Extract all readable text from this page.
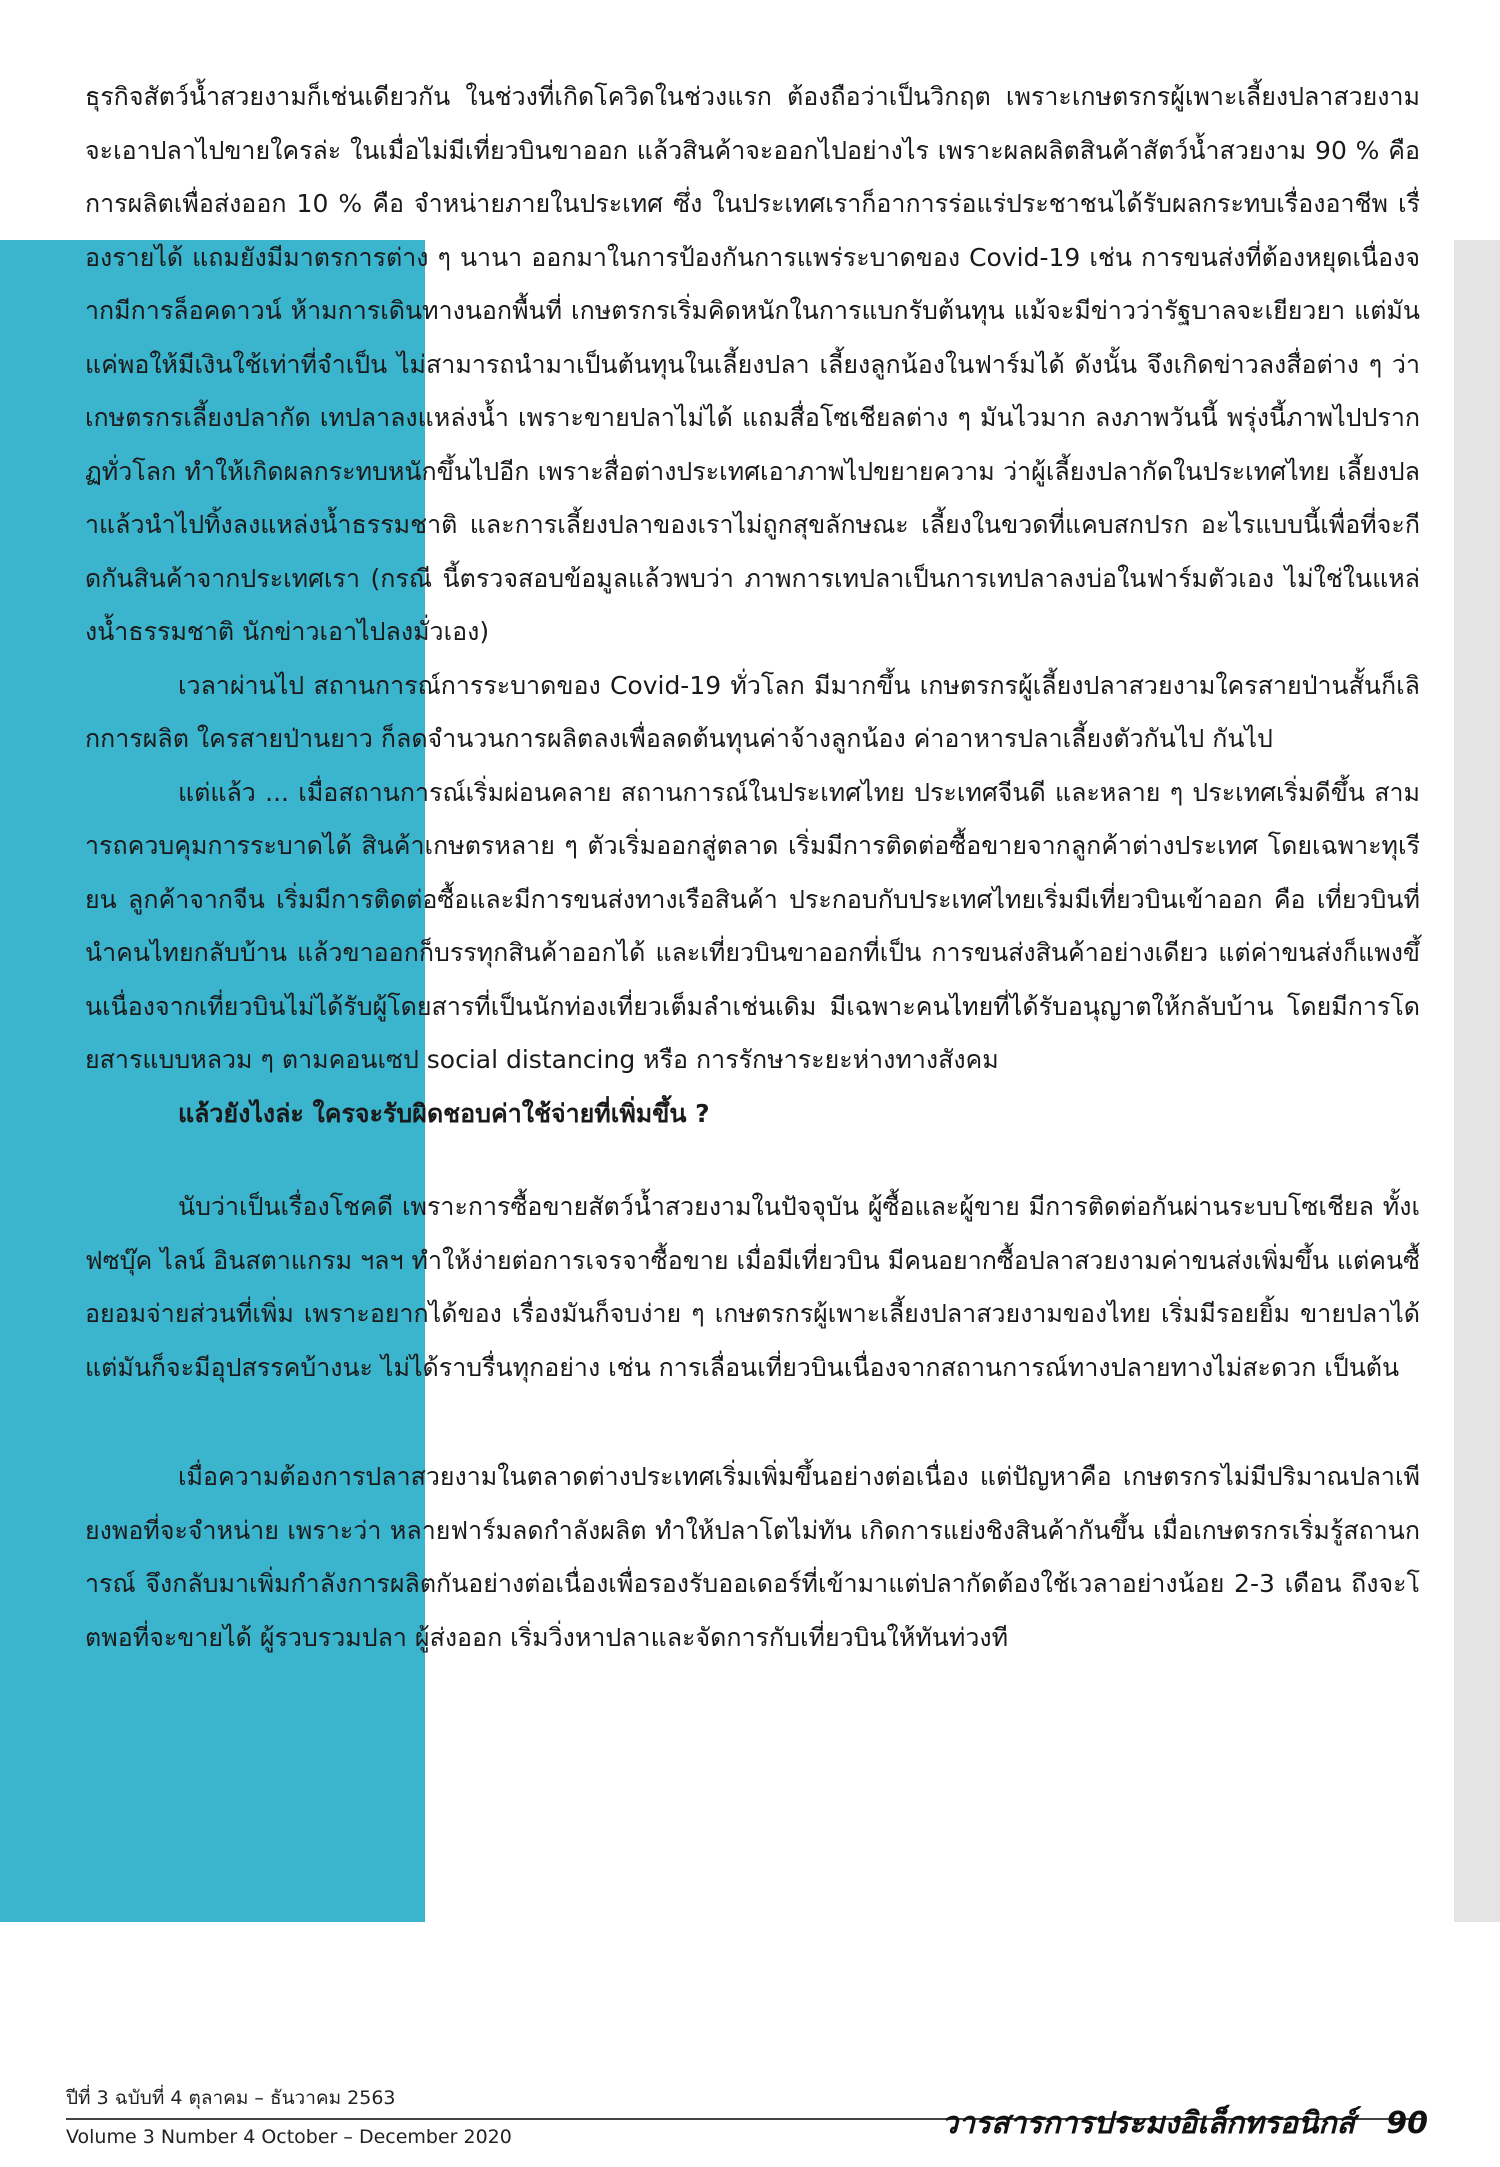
ธุรกิจสัตว์น้ำสวยงามก็เช่นเดียวกัน ในช่วงที่เกิดโควิดในช่วงแรก ต้องถือว่าเป็นวิกฤต เพราะเกษตรกรผู้เพาะเลี้ยงปลาสวยงาม จะเอาปลาไปขายใครล่ะ ในเมื่อไม่มีเที่ยวบินขาออก แล้วสินค้าจะออกไปอย่างไร เพราะผลผลิตสินค้าสัตว์น้ำสวยงาม 90 % คือการผลิตเพื่อส่งออก 10 % คือ จำหน่ายภายในประเทศ ซึ่ง ในประเทศเราก็อาการร่อแร่ประชาชนได้รับผลกระทบเรื่องอาชีพ เรื่องรายได้ แถมยังมีมาตรการต่าง ๆ นานา ออกมาในการป้องกันการแพร่ระบาดของ Covid-19 เช่น การขนส่งที่ต้องหยุดเนื่องจากมีการล็อคดาวน์ ห้ามการเดินทางนอกพื้นที่ เกษตรกรเริ่มคิดหนักในการแบกรับต้นทุน แม้จะมีข่าวว่ารัฐบาลจะเยียวยา แต่มันแค่พอให้มีเงินใช้เท่าที่จำเป็น ไม่สามารถนำมาเป็นต้นทุนในเลี้ยงปลา เลี้ยงลูกน้องในฟาร์มได้ ดังนั้น จึงเกิดข่าวลงสื่อต่าง ๆ ว่า เกษตรกรเลี้ยงปลากัด เทปลาลงแหล่งน้ำ เพราะขายปลาไม่ได้ แถมสื่อโซเชียลต่าง ๆ มันไวมาก ลงภาพวันนี้ พรุ่งนี้ภาพไปปรากฏทั่วโลก ทำให้เกิดผลกระทบหนักขึ้นไปอีก เพราะสื่อต่างประเทศเอาภาพไปขยายความ ว่าผู้เลี้ยงปลากัดในประเทศไทย เลี้ยงปลาแล้วนำไปทิ้งลงแหล่งน้ำธรรมชาติ และการเลี้ยงปลาของเราไม่ถูกสุขลักษณะ เลี้ยงในขวดที่แคบสกปรก อะไรแบบนี้เพื่อที่จะกีดกันสินค้าจากประเทศเรา (กรณี นี้ตรวจสอบข้อมูลแล้วพบว่า ภาพการเทปลาเป็นการเทปลาลงบ่อในฟาร์มตัวเอง ไม่ใช่ในแหล่งน้ำธรรมชาติ นักข่าวเอาไปลงมั่วเอง)

เวลาผ่านไป สถานการณ์การระบาดของ Covid-19 ทั่วโลก มีมากขึ้น เกษตรกรผู้เลี้ยงปลาสวยงามใครสายป่านสั้นก็เลิกการผลิต ใครสายป่านยาว ก็ลดจำนวนการผลิตลงเพื่อลดต้นทุนค่าจ้างลูกน้อง ค่าอาหารปลาเลี้ยงตัวกันไป กันไป

แต่แล้ว ... เมื่อสถานการณ์เริ่มผ่อนคลาย สถานการณ์ในประเทศไทย ประเทศจีนดี และหลาย ๆ ประเทศเริ่มดีขึ้น สามารถควบคุมการระบาดได้ สินค้าเกษตรหลาย ๆ ตัวเริ่มออกสู่ตลาด เริ่มมีการติดต่อซื้อขายจากลูกค้าต่างประเทศ โดยเฉพาะทุเรียน ลูกค้าจากจีน เริ่มมีการติดต่อซื้อและมีการขนส่งทางเรือสินค้า ประกอบกับประเทศไทยเริ่มมีเที่ยวบินเข้าออก คือ เที่ยวบินที่นำคนไทยกลับบ้าน แล้วขาออกก็บรรทุกสินค้าออกได้ และเที่ยวบินขาออกที่เป็น การขนส่งสินค้าอย่างเดียว แต่ค่าขนส่งก็แพงขึ้นเนื่องจากเที่ยวบินไม่ได้รับผู้โดยสารที่เป็นนักท่องเที่ยวเต็มลำเช่นเดิม มีเฉพาะคนไทยที่ได้รับอนุญาตให้กลับบ้าน โดยมีการโดยสารแบบหลวม ๆ ตามคอนเซป social distancing หรือ การรักษาระยะห่างทางสังคม

แล้วยังไงล่ะ ใครจะรับผิดชอบค่าใช้จ่ายที่เพิ่มขึ้น ?

นับว่าเป็นเรื่องโชคดี เพราะการซื้อขายสัตว์น้ำสวยงามในปัจจุบัน ผู้ซื้อและผู้ขาย มีการติดต่อกันผ่านระบบโซเชียล ทั้งเฟซบุ๊ค ไลน์ อินสตาแกรม ฯลฯ ทำให้ง่ายต่อการเจรจาซื้อขาย เมื่อมีเที่ยวบิน มีคนอยากซื้อปลาสวยงามค่าขนส่งเพิ่มขึ้น แต่คนซื้อยอมจ่ายส่วนที่เพิ่ม เพราะอยากได้ของ เรื่องมันก็จบง่าย ๆ เกษตรกรผู้เพาะเลี้ยงปลาสวยงามของไทย เริ่มมีรอยยิ้ม ขายปลาได้ แต่มันก็จะมีอุปสรรคบ้างนะ ไม่ได้ราบรื่นทุกอย่าง เช่น การเลื่อนเที่ยวบินเนื่องจากสถานการณ์ทางปลายทางไม่สะดวก เป็นต้น

เมื่อความต้องการปลาสวยงามในตลาดต่างประเทศเริ่มเพิ่มขึ้นอย่างต่อเนื่อง แต่ปัญหาคือ เกษตรกรไม่มีปริมาณปลาเพียงพอที่จะจำหน่าย เพราะว่า หลายฟาร์มลดกำลังผลิต ทำให้ปลาโตไม่ทัน เกิดการแย่งชิงสินค้ากันขึ้น เมื่อเกษตรกรเริ่มรู้สถานการณ์ จึงกลับมาเพิ่มกำลังการผลิตกันอย่างต่อเนื่องเพื่อรองรับออเดอร์ที่เข้ามาแต่ปลากัดต้องใช้เวลาอย่างน้อย 2-3 เดือน ถึงจะโตพอที่จะขายได้ ผู้รวบรวมปลา ผู้ส่งออก เริ่มวิ่งหาปลาและจัดการกับเที่ยวบินให้ทันท่วงที

ปีที่ 3 ฉบับที่ 4 ตุลาคม – ธันวาคม 2563
Volume 3 Number 4 October – December 2020	วารสารการประมงอิเล็กทรอนิกส์ 90
